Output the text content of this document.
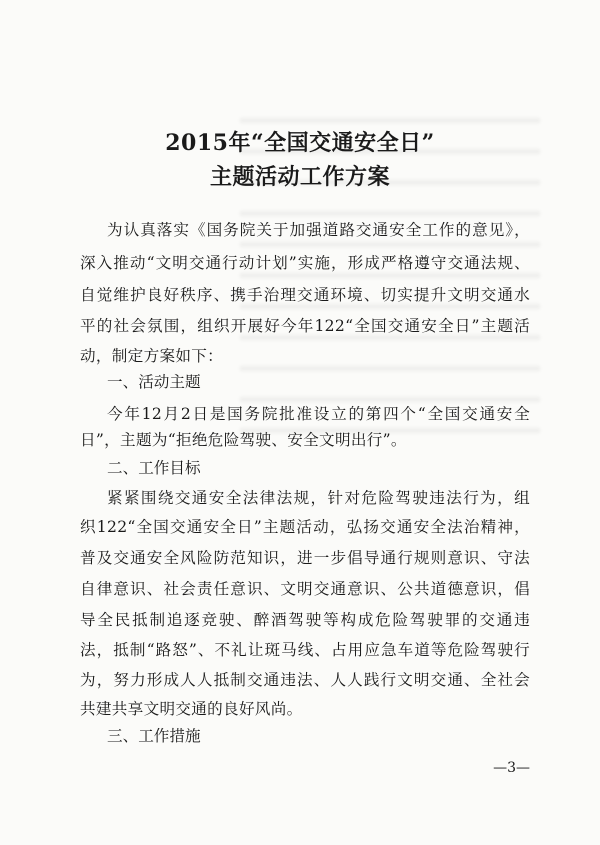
2015年“全国交通安全日”
主题活动工作方案
为认真落实《国务院关于加强道路交通安全工作的意见》，
深入推动“文明交通行动计划”实施，形成严格遵守交通法规、
自觉维护良好秩序、携手治理交通环境、切实提升文明交通水
平的社会氛围，组织开展好今年122“全国交通安全日”主题活
动，制定方案如下：
一、活动主题
今年12月2日是国务院批准设立的第四个“全国交通安全
日”，主题为“拒绝危险驾驶、安全文明出行”。
二、工作目标
紧紧围绕交通安全法律法规，针对危险驾驶违法行为，组
织122“全国交通安全日”主题活动，弘扬交通安全法治精神，
普及交通安全风险防范知识，进一步倡导通行规则意识、守法
自律意识、社会责任意识、文明交通意识、公共道德意识，倡
导全民抵制追逐竞驶、醉酒驾驶等构成危险驾驶罪的交通违
法，抵制“路怒”、不礼让斑马线、占用应急车道等危险驾驶行
为，努力形成人人抵制交通违法、人人践行文明交通、全社会
共建共享文明交通的良好风尚。
三、工作措施
—3—
